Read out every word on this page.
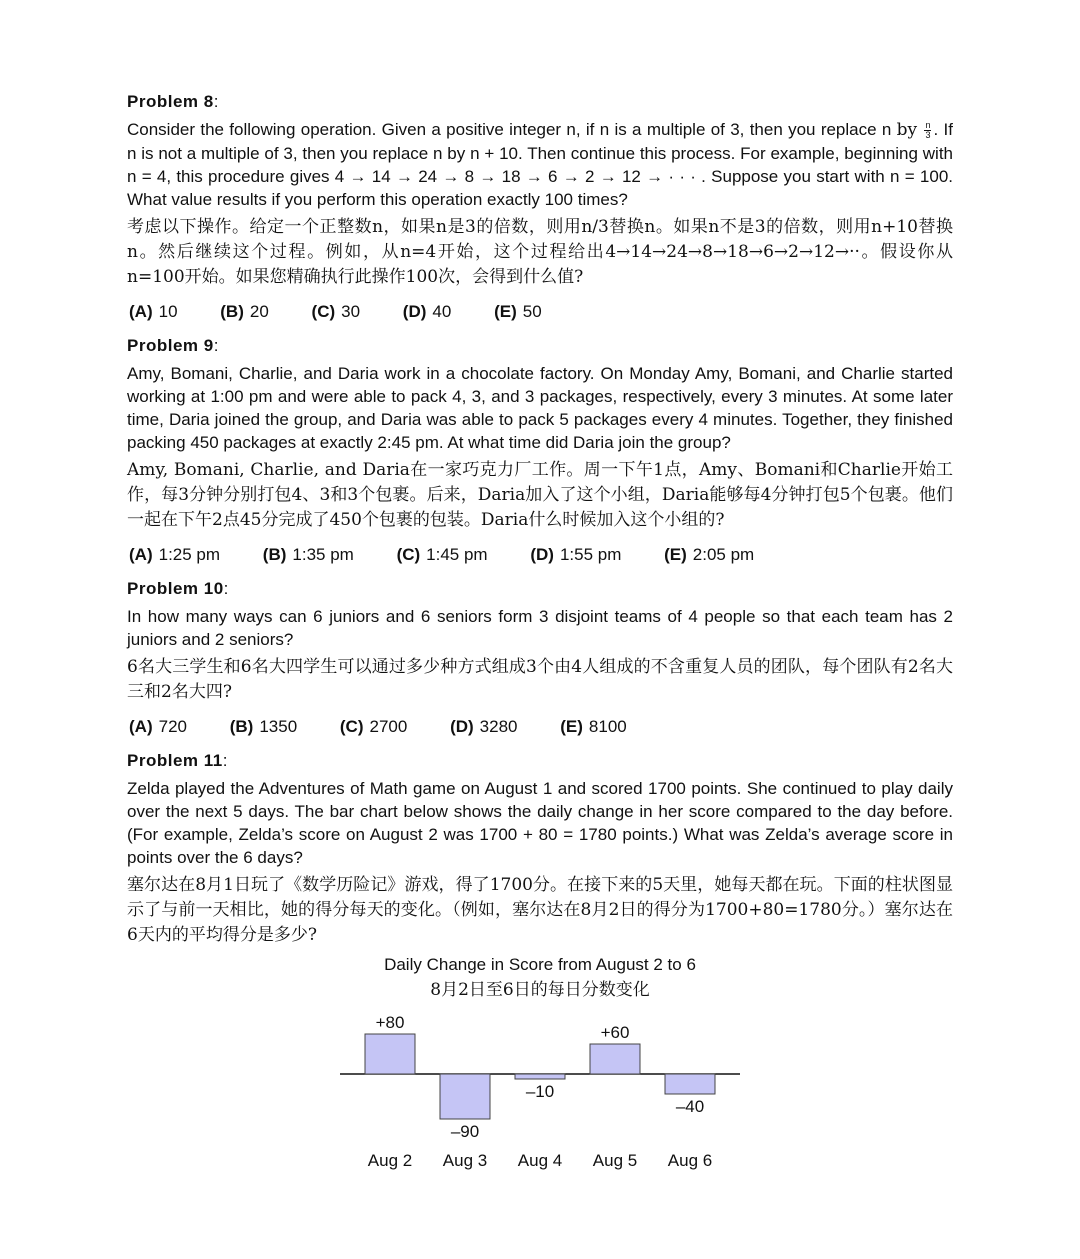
Problem 8:

Consider the following operation. Given a positive integer n, if n is a multiple of 3, then you replace n by $\frac{n}{3}$ . If n is not a multiple of 3, then you replace n by n + 10. Then continue this process. For example, beginning with n = 4, this procedure gives 4 → 14 → 24 → 8 → 18 → 6 → 2 → 12 → · · · . Suppose you start with n = 100. What value results if you perform this operation exactly 100 times?

考虑以下操作。给定一个正整数n，如果n是3的倍数，则用n/3替换n。如果n不是3的倍数，则用n+10替换n。然后继续这个过程。例如，从n=4开始，这个过程给出4→14→24→8→18→6→2→12→··。假设你从n=100开始。如果您精确执行此操作100次，会得到什么值?

(A) 10	(B) 20	(C) 30	(D) 40	(E) 50

Problem 9:

Amy, Bomani, Charlie, and Daria work in a chocolate factory. On Monday Amy, Bomani, and Charlie started working at 1:00 pm and were able to pack 4, 3, and 3 packages, respectively, every 3 minutes. At some later time, Daria joined the group, and Daria was able to pack 5 packages every 4 minutes. Together, they finished packing 450 packages at exactly 2:45 pm. At what time did Daria join the group?

Amy, Bomani, Charlie, and Daria在一家巧克力厂工作。周一下午1点，Amy、Bomani和Charlie开始工作，每3分钟分别打包4、3和3个包裹。后来，Daria加入了这个小组，Daria能够每4分钟打包5个包裹。他们一起在下午2点45分完成了450个包裹的包装。Daria什么时候加入这个小组的?

(A) 1:25 pm	(B) 1:35 pm	(C) 1:45 pm	(D) 1:55 pm	(E) 2:05 pm

Problem 10:

In how many ways can 6 juniors and 6 seniors form 3 disjoint teams of 4 people so that each team has 2 juniors and 2 seniors?

6名大三学生和6名大四学生可以通过多少种方式组成3个由4人组成的不含重复人员的团队，每个团队有2名大三和2名大四?

(A) 720	(B) 1350	(C) 2700	(D) 3280	(E) 8100

Problem 11:

Zelda played the Adventures of Math game on August 1 and scored 1700 points. She continued to play daily over the next 5 days. The bar chart below shows the daily change in her score compared to the day before. (For example, Zelda’s score on August 2 was 1700 + 80 = 1780 points.) What was Zelda’s average score in points over the 6 days?

塞尔达在8月1日玩了《数学历险记》游戏，得了1700分。在接下来的5天里，她每天都在玩。下面的柱状图显示了与前一天相比，她的得分每天的变化。（例如，塞尔达在8月2日的得分为1700+80=1780分。）塞尔达在6天内的平均得分是多少?

Daily Change in Score from August 2 to 6
8月2日至6日的每日分数变化
+80
Aug 2
–90
Aug 3
–10
Aug 4
+60
Aug 5
–40
Aug 6
